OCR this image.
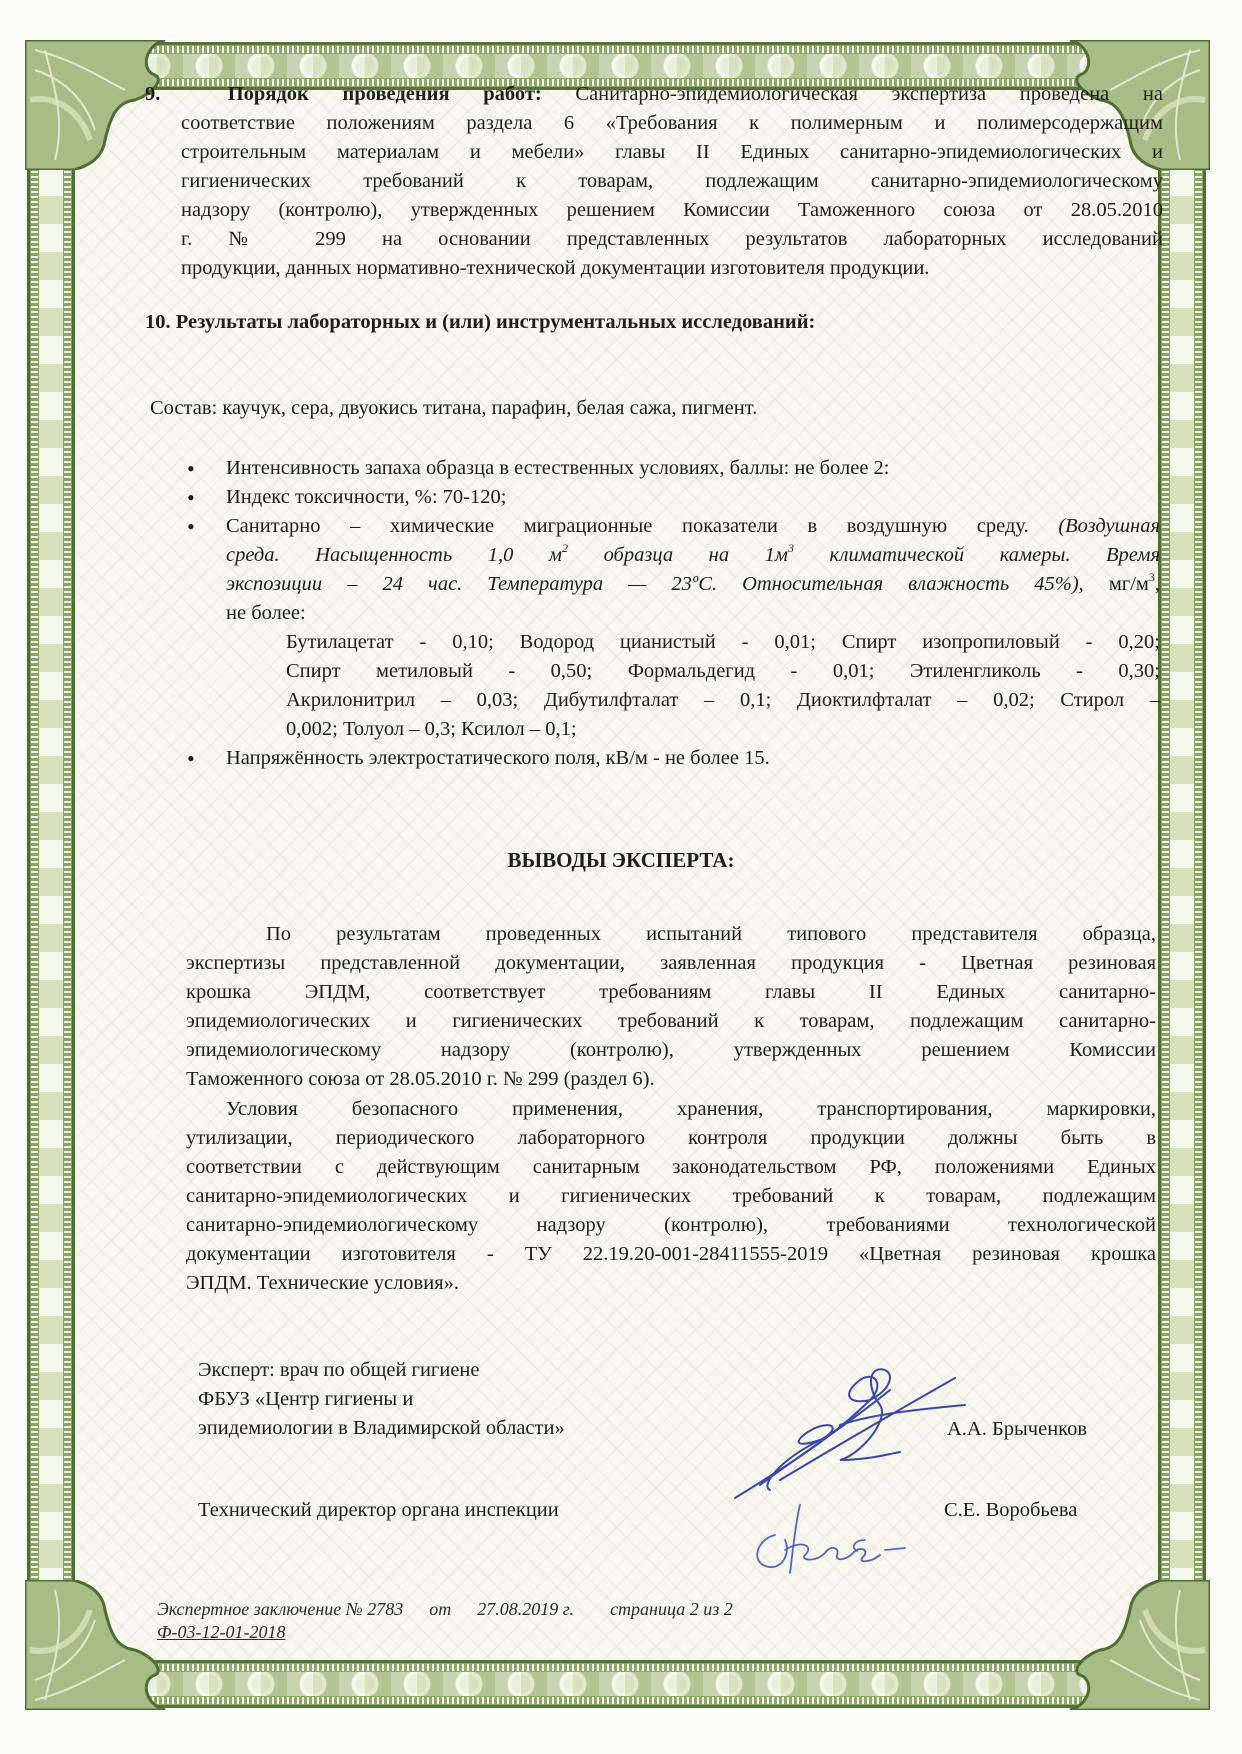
9.	Порядок проведения работ: Санитарно-эпидемиологическая экспертиза проведена на
соответствие положениям раздела 6 «Требования к полимерным и полимерсодержащим
строительным материалам и мебели» главы II Единых санитарно-эпидемиологических и
гигиенических требований к товарам, подлежащим санитарно-эпидемиологическому
надзору (контролю), утвержденных решением Комиссии Таможенного союза от 28.05.2010
г. № 299 на основании представленных результатов лабораторных исследований
продукции, данных нормативно-технической документации изготовителя продукции.
10. Результаты лабораторных и (или) инструментальных исследований:
Состав: каучук, сера, двуокись титана, парафин, белая сажа, пигмент.
• Интенсивность запаха образца в естественных условиях, баллы: не более 2:
• Индекс токсичности, %: 70-120;
• Санитарно – химические миграционные показатели в воздушную среду. (Воздушная
среда. Насыщенность 1,0 $м^2$ образца на $1м^3$ климатической камеры. Время
экспозиции – 24 час. Температура — 23ºС. Относительная влажность 45%), $мг/м^3$,
не более:
Бутилацетат - 0,10; Водород цианистый - 0,01; Спирт изопропиловый - 0,20;
Спирт метиловый - 0,50; Формальдегид - 0,01; Этиленгликоль - 0,30;
Акрилонитрил – 0,03; Дибутилфталат – 0,1; Диоктилфталат – 0,02; Стирол –
0,002; Толуол – 0,3; Ксилол – 0,1;
• Напряжённость электростатического поля, кВ/м - не более 15.
ВЫВОДЫ ЭКСПЕРТА:
По результатам проведенных испытаний типового представителя образца,
экспертизы представленной документации, заявленная продукция - Цветная резиновая
крошка ЭПДМ, соответствует требованиям главы II Единых санитарно-
эпидемиологических и гигиенических требований к товарам, подлежащим санитарно-
эпидемиологическому надзору (контролю), утвержденных решением Комиссии
Таможенного союза от 28.05.2010 г. № 299 (раздел 6).
Условия безопасного применения, хранения, транспортирования, маркировки,
утилизации, периодического лабораторного контроля продукции должны быть в
соответствии с действующим санитарным законодательством РФ, положениями Единых
санитарно-эпидемиологических и гигиенических требований к товарам, подлежащим
санитарно-эпидемиологическому надзору (контролю), требованиями технологической
документации изготовителя - ТУ 22.19.20-001-28411555-2019 «Цветная резиновая крошка
ЭПДМ. Технические условия».
Эксперт: врач по общей гигиене
ФБУЗ «Центр гигиены и
эпидемиологии в Владимирской области»	А.А. Брыченков
Технический директор органа инспекции	С.Е. Воробьева
Экспертное заключение № 2783 от 27.08.2019 г. страница 2 из 2
Ф-03-12-01-2018
